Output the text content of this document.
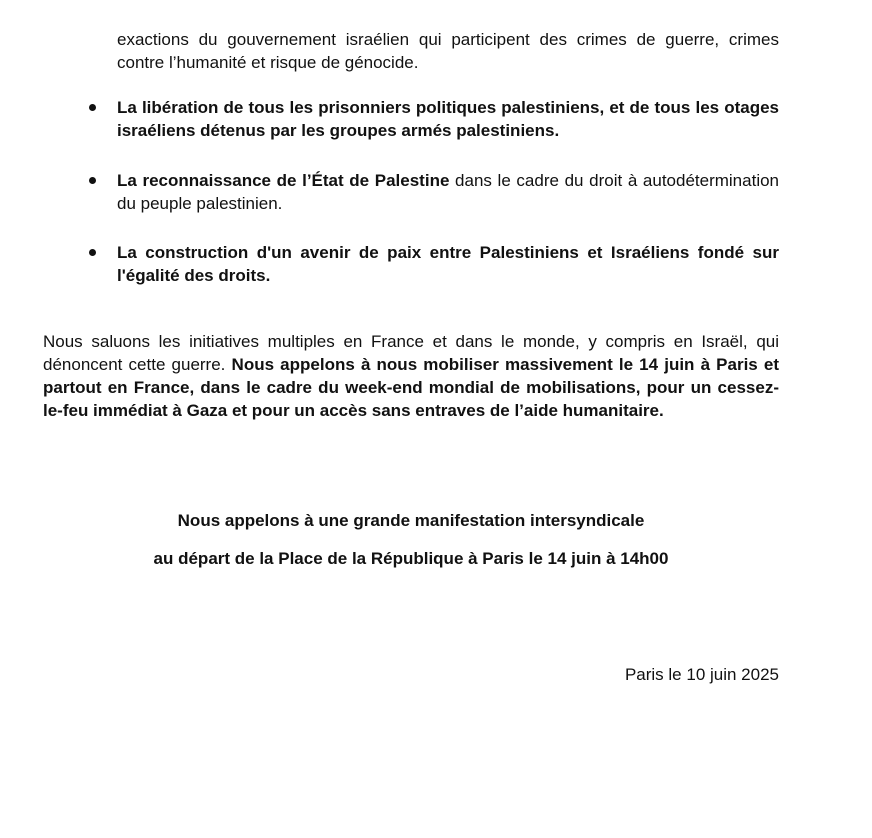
exactions du gouvernement israélien qui participent des crimes de guerre, crimes contre l’humanité et risque de génocide.

La libération de tous les prisonniers politiques palestiniens, et de tous les otages israéliens détenus par les groupes armés palestiniens.
La reconnaissance de l’État de Palestine dans le cadre du droit à autodétermination du peuple palestinien.
La construction d'un avenir de paix entre Palestiniens et Israéliens fondé sur l'égalité des droits.

Nous saluons les initiatives multiples en France et dans le monde, y compris en Israël, qui dénoncent cette guerre. Nous appelons à nous mobiliser massivement le 14 juin à Paris et partout en France, dans le cadre du week-end mondial de mobilisations, pour un cessez-le-feu immédiat à Gaza et pour un accès sans entraves de l’aide humanitaire.

Nous appelons à une grande manifestation intersyndicale

au départ de la Place de la République à Paris le 14 juin à 14h00

Paris le 10 juin 2025
